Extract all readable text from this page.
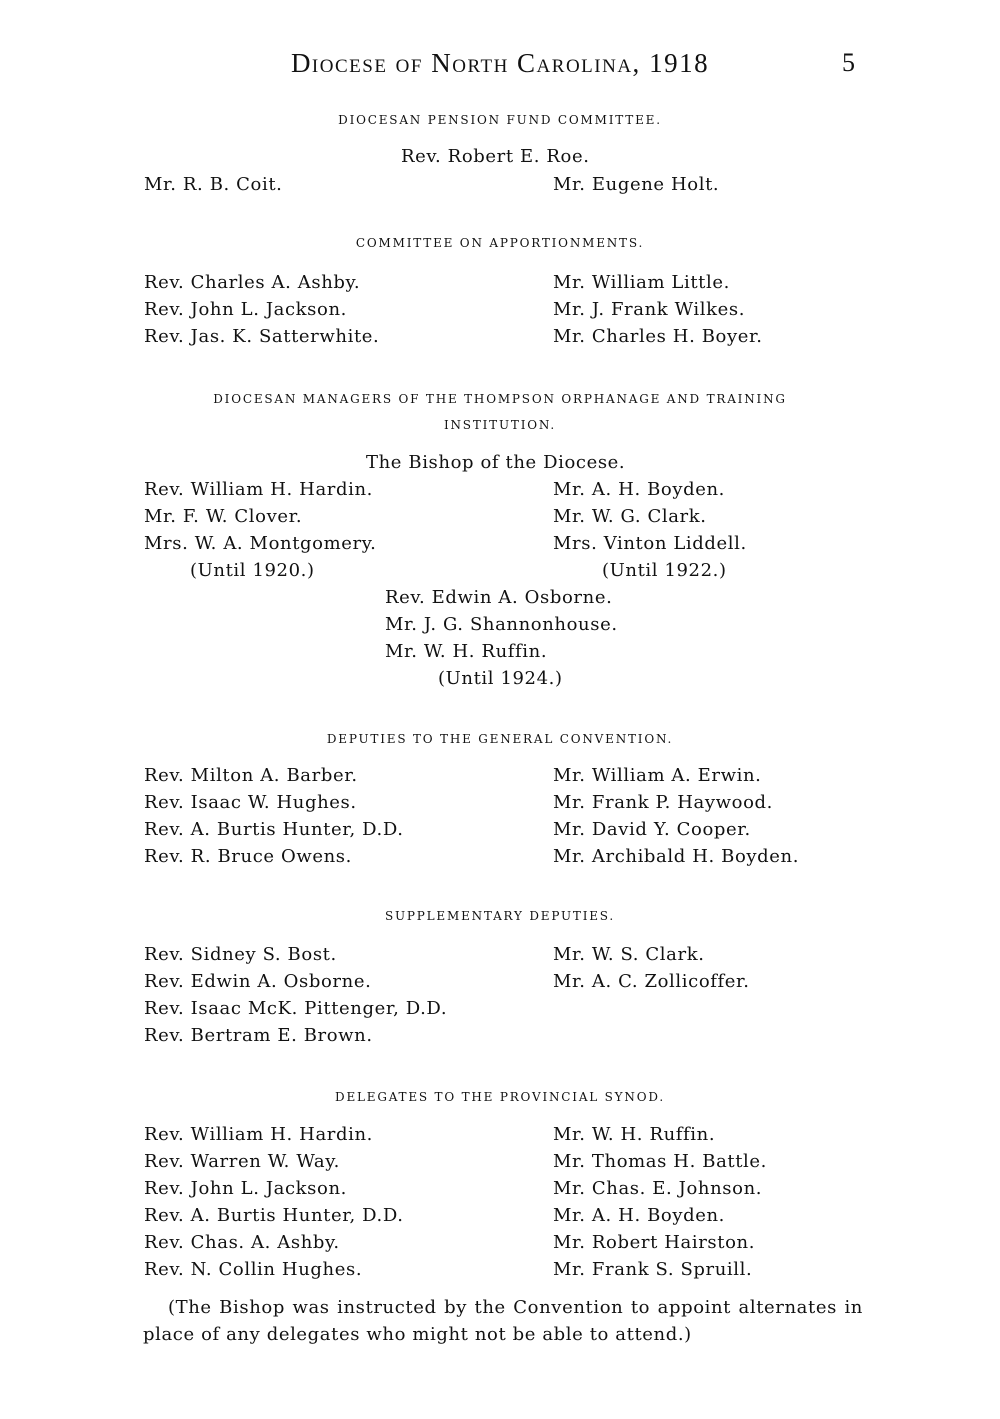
Diocese of North Carolina, 1918	5
DIOCESAN PENSION FUND COMMITTEE.
Rev. Robert E. Roe.
Mr. R. B. Coit.	Mr. Eugene Holt.
COMMITTEE ON APPORTIONMENTS.
Rev. Charles A. Ashby.
Rev. John L. Jackson.
Rev. Jas. K. Satterwhite.
Mr. William Little.
Mr. J. Frank Wilkes.
Mr. Charles H. Boyer.
DIOCESAN MANAGERS OF THE THOMPSON ORPHANAGE AND TRAINING INSTITUTION.
The Bishop of the Diocese.
Rev. William H. Hardin.
Mr. F. W. Clover.
Mrs. W. A. Montgomery.
(Until 1920.)
Mr. A. H. Boyden.
Mr. W. G. Clark.
Mrs. Vinton Liddell.
(Until 1922.)
Rev. Edwin A. Osborne.
Mr. J. G. Shannonhouse.
Mr. W. H. Ruffin.
(Until 1924.)
DEPUTIES TO THE GENERAL CONVENTION.
Rev. Milton A. Barber.
Rev. Isaac W. Hughes.
Rev. A. Burtis Hunter, D.D.
Rev. R. Bruce Owens.
Mr. William A. Erwin.
Mr. Frank P. Haywood.
Mr. David Y. Cooper.
Mr. Archibald H. Boyden.
SUPPLEMENTARY DEPUTIES.
Rev. Sidney S. Bost.
Rev. Edwin A. Osborne.
Rev. Isaac McK. Pittenger, D.D.
Rev. Bertram E. Brown.
Mr. W. S. Clark.
Mr. A. C. Zollicoffer.
DELEGATES TO THE PROVINCIAL SYNOD.
Rev. William H. Hardin.
Rev. Warren W. Way.
Rev. John L. Jackson.
Rev. A. Burtis Hunter, D.D.
Rev. Chas. A. Ashby.
Rev. N. Collin Hughes.
Mr. W. H. Ruffin.
Mr. Thomas H. Battle.
Mr. Chas. E. Johnson.
Mr. A. H. Boyden.
Mr. Robert Hairston.
Mr. Frank S. Spruill.
(The Bishop was instructed by the Convention to appoint alternates in place of any delegates who might not be able to attend.)
